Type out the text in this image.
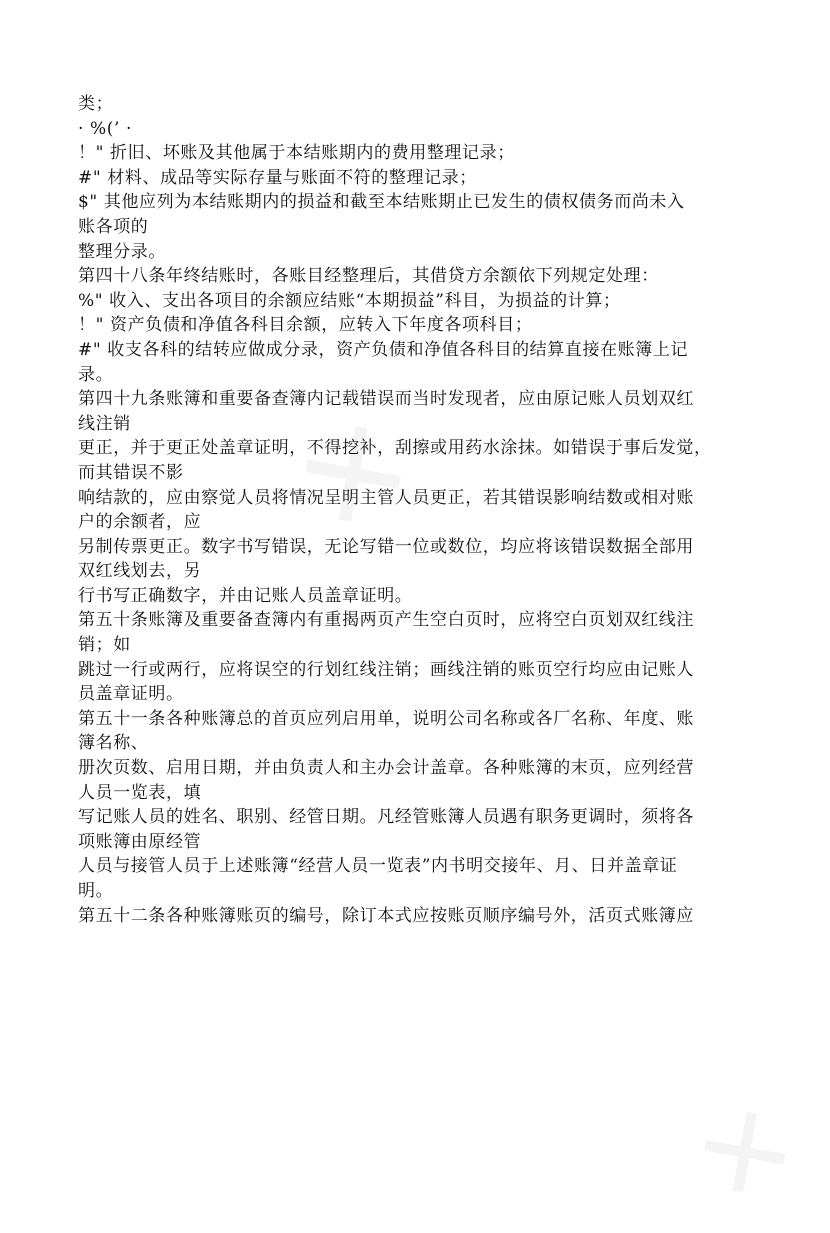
✕
✕
类；
· %(’ ·
！" 折旧、坏账及其他属于本结账期内的费用整理记录；
#" 材料、成品等实际存量与账面不符的整理记录；
$" 其他应列为本结账期内的损益和截至本结账期止已发生的债权债务而尚未入
账各项的
整理分录。
第四十八条年终结账时，各账目经整理后，其借贷方余额依下列规定处理：
%" 收入、支出各项目的余额应结账“本期损益”科目，为损益的计算；
！" 资产负债和净值各科目余额，应转入下年度各项科目；
#" 收支各科的结转应做成分录，资产负债和净值各科目的结算直接在账簿上记
录。
第四十九条账簿和重要备查簿内记载错误而当时发现者，应由原记账人员划双红
线注销
更正，并于更正处盖章证明，不得挖补，刮擦或用药水涂抹。如错误于事后发觉，
而其错误不影
响结款的，应由察觉人员将情况呈明主管人员更正，若其错误影响结数或相对账
户的余额者，应
另制传票更正。数字书写错误，无论写错一位或数位，均应将该错误数据全部用
双红线划去，另
行书写正确数字，并由记账人员盖章证明。
第五十条账簿及重要备查簿内有重揭两页产生空白页时，应将空白页划双红线注
销；如
跳过一行或两行，应将误空的行划红线注销；画线注销的账页空行均应由记账人
员盖章证明。
第五十一条各种账簿总的首页应列启用单，说明公司名称或各厂名称、年度、账
簿名称、
册次页数、启用日期，并由负责人和主办会计盖章。各种账簿的末页，应列经营
人员一览表，填
写记账人员的姓名、职别、经管日期。凡经管账簿人员遇有职务更调时，须将各
项账簿由原经管
人员与接管人员于上述账簿“经营人员一览表”内书明交接年、月、日并盖章证
明。
第五十二条各种账簿账页的编号，除订本式应按账页顺序编号外，活页式账簿应
